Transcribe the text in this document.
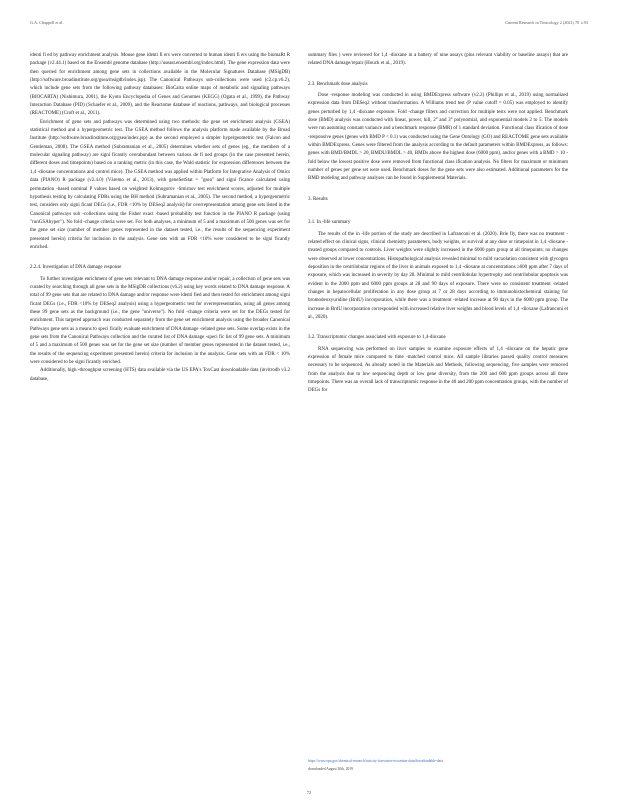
G.A. Chappell et al.	Current Research in Toxicology 2 (2021) 70 ∔93

identi fi ed by pathway enrichment analysis. Mouse gene identi fi ers were converted to human identi fi ers using the biomaRt R package (v2.44.1) based on the Ensembl genome database (http://useast.ensembl.org/index.html). The gene expression data were then queried for enrichment among gene sets in collections available in the Molecular Signatures Database (MSigDB) (http://software.broadinstitute.org/gsea/msigdb/index.jsp). The Canonical Pathways sub-collections were used (c2.cp.v6.2), which include gene sets from the following pathway databases: BioCarta online maps of metabolic and signaling pathways (BIOCARTA) (Nishimura, 2001), the Kyoto Encyclopedia of Genes and Genomes (KEGG) (Ogata et al., 1999), the Pathway Interaction Database (PID) (Schaefer et al., 2009), and the Reactome database of reactions, pathways, and biological processes (REACTOME) (Croft et al., 2011).

Enrichment of gene sets and pathways was determined using two methods: the gene set enrichment analysis (GSEA) statistical method and a hypergeometric test. The GSEA method follows the analysis platform made available by the Broad Institute (http://software.broadinstitute.org/gsea/index.jsp) as the second employed a simpler hypergeometric test (Falcon and Gentleman, 2008). The GSEA method (Subramanian et al., 2005) determines whether sets of genes (eg., the members of a molecular signaling pathway) are signi ficantly overabundant between various de fi ned groups (in the case presented herein, different doses and timepoints) based on a ranking metric (in this case, the Wald statistic for expression differences between the 1,4 -dioxane concentrations and control mice). The GSEA method was applied within Platform for Integrative Analysis of Omics data (PIANO) R package (v2.4.0) (Väremo et al., 2013), with geneSetStat = "gsea" and signi ficance calculated using permutation -based nominal P values based on weighted Kolmogorov -Smirnov test enrichment scores, adjusted for multiple hypothesis testing by calculating FDRs using the BH method (Subramanian et al., 2005). The second method, a hypergeometric test, considers only signi ficant DEGs (i.e., FDR <10% by DESeq2 analysis) for overrepresentation among gene sets listed in the Canonical pathways sub -collections using the Fisher exact -based probability test function in the PIANO R package (using "runGSAhyper"). No fold -change criteria were set. For both analyses, a minimum of 5 and a maximum of 500 genes was set for the gene set size (number of member genes represented in the dataset tested, i.e., the results of the sequencing experiment presented herein) criteria for inclusion in the analysis. Gene sets with an FDR <10% were considered to be signi ficantly enriched.

2.2.4. Investigation of DNA damage response

To further investigate enrichment of gene sets relevant to DNA damage response and/or repair, a collection of gene sets was curated by searching through all gene sets in the MSigDB collections (v6.2) using key words related to DNA damage response. A total of 99 gene sets that are related to DNA damage and/or response were identi fied and then tested for enrichment among signi ficant DEGs (i.e., FDR <10% by DESeq2 analysis) using a hypergeometric test for overrepresentation, using all genes among these 99 gene sets as the background (i.e., the gene "universe"). No fold -change criteria were set for the DEGs tested for enrichment. This targeted approach was conducted separately from the gene set enrichment analysis using the broader Canonical Pathways gene sets as a means to speci fically evaluate enrichment of DNA damage -related gene sets. Some overlap exists in the gene sets from the Canonical Pathways collection and the curated list of DNA damage -speci fic list of 99 gene sets. A minimum of 5 and a maximum of 500 genes was set for the gene set size (number of member genes represented in the dataset tested, i.e., the results of the sequencing experiment presented herein) criteria for inclusion in the analysis. Gene sets with an FDR < 10% were considered to be signi ficantly enriched.

Additionally, high -throughput screening (HTS) data available via the US EPA's ToxCast downloadable data (invitrodb v3.2 database,

summary files ) were reviewed for 1,4 -dioxane in a battery of nine assays (plus relevant viability or baseline assays) that are related DNA damage/repair (Houck et al., 2019).

2.3. Benchmark dose analysis

Dose -response modeling was conducted in using BMDExpress software (v2.2) (Phillips et al., 2019) using normalized expression data from DESeq2 without transformation. A Williams trend test (P value cutoff = 0.05) was employed to identify genes perturbed by 1,4 -dioxane exposure. Fold -change filters and correction for multiple tests were not applied. Benchmark dose (BMD) analysis was conducted with linear, power, hill, 2° and 3° polynomial, and exponential models 2 to 5. The models were run assuming constant variance and a benchmark response (BMR) of 1 standard deviation. Functional class ification of dose -responsive genes (genes with BMD P < 0.1) was conducted using the Gene Ontology (GO) and REACTOME gene sets available within BMDExpress. Genes were filtered from the analysis according to the default parameters within BMDExpress, as follows: genes with BMD/BMDL > 20, BMDU/BMDL > 40, BMDs above the highest dose (6000 ppm), and/or genes with a BMD > 10 -fold below the lowest positive dose were removed from functional class ification analysis. No filters for maximum or minimum number of genes per gene set were used. Benchmark doses for the gene sets were also estimated. Additional parameters for the BMD modeling and pathway analyses can be found in Supplemental Materials.

3. Results
3.1. In -life summary

The results of the in -life portion of the study are described in Lafranconi et al. (2020). Brie fly, there was no treatment -related effect on clinical signs, clinical chemistry parameters, body weights, or survival at any dose or timepoint in 1,4 -dioxane -treated groups compared to controls. Liver weights were slightly increased in the 6000 ppm group at all timepoints; no changes were observed at lower concentrations. Histopathological analysis revealed minimal to mild vacuolation consistent with glycogen deposition in the centrilobular regions of the liver in animals exposed to 1,4 -dioxane at concentrations ≥600 ppm after 7 days of exposure, which was increased in severity by day 28. Minimal to mild centrilobular hypertrophy and centrilobular apoptosis was evident in the 2000 ppm and 6000 ppm groups at 28 and 90 days of exposure. There were no consistent treatment -related changes in hepatocellular proliferation in any dose group at 7 or 28 days according to immunohistochemical staining for bromodeoxyuridine (BrdU) incorporation, while there was a treatment -related increase at 90 days in the 6000 ppm group. The increase in BrdU incorporation corresponded with increased relative liver weights and blood levels of 1,4 -dioxane (Lafranconi et al., 2020).

3.2. Transcriptomic changes associated with exposure to 1,4-dioxane

RNA sequencing was performed on liver samples to examine exposure effects of 1,4 -dioxane on the hepatic gene expression of female mice compared to time -matched control mice. All sample libraries passed quality control measures necessary to be sequenced. As already noted in the Materials and Methods, following sequencing, five samples were removed from the analysis due to low sequencing depth or low gene diversity, from the 200 and 600 ppm groups across all three timepoints. There was an overall lack of transcriptomic response in the 40 and 200 ppm concentration groups, with the number of DEGs for

https://www.epa.gov/chemical-research/toxicity-forecaster-toxcasttm-data/downloadable-data
downloaded August 30th, 2019.
72
